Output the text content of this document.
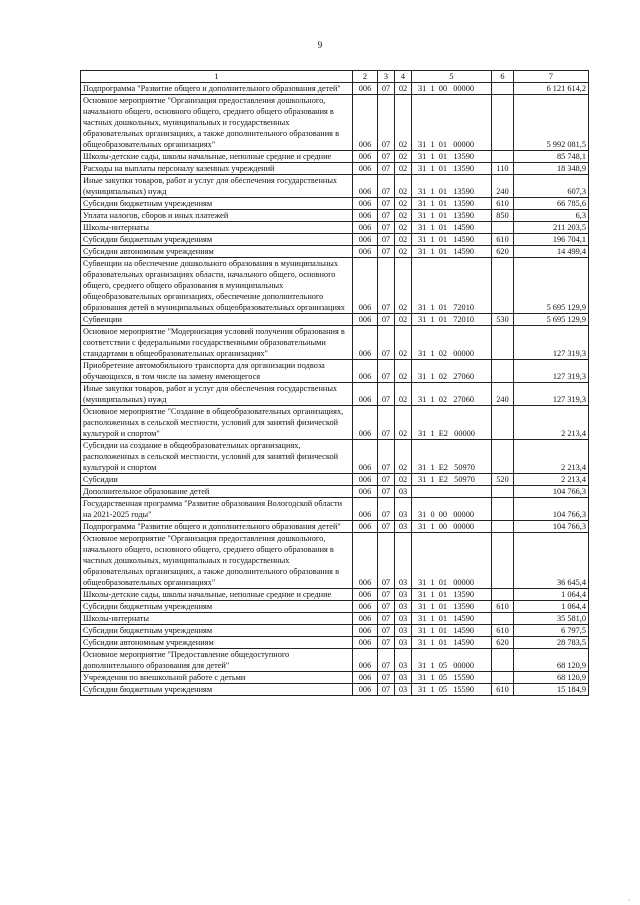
9
1	2	3	4	5	6	7
Подпрограмма "Развитие общего и дополнительного образования детей"	006	07	02	31  1  00   00000		6 121 614,2
Основное мероприятие "Организация предоставления дошкольного, начального общего, основного общего, среднего общего образования в частных дошкольных, муниципальных и государственных образовательных организациях, а также дополнительного образования в общеобразовательных организациях"	006	07	02	31  1  01   00000		5 992 081,5
Школы-детские сады, школы начальные, неполные средние и средние	006	07	02	31  1  01   13590		85 748,1
Расходы на выплаты персоналу казенных учреждений	006	07	02	31  1  01   13590	110	18 348,9
Иные закупки товаров, работ и услуг для обеспечения государственных (муниципальных) нужд	006	07	02	31  1  01   13590	240	607,3
Субсидии бюджетным учреждениям	006	07	02	31  1  01   13590	610	66 785,6
Уплата налогов, сборов и иных платежей	006	07	02	31  1  01   13590	850	6,3
Школы-интернаты	006	07	02	31  1  01   14590		211 203,5
Субсидии бюджетным учреждениям	006	07	02	31  1  01   14590	610	196 704,1
Субсидии автономным учреждениям	006	07	02	31  1  01   14590	620	14 499,4
Субвенции на обеспечение дошкольного образования в муниципальных образовательных организациях области, начального общего, основного общего, среднего общего образования в муниципальных общеобразовательных организациях, обеспечение дополнительного образования детей в муниципальных общеобразовательных организациях	006	07	02	31  1  01   72010		5 695 129,9
Субвенции	006	07	02	31  1  01   72010	530	5 695 129,9
Основное мероприятие "Модернизация условий получения образования в соответствии с федеральными государственными образовательными стандартами в общеобразовательных организациях"	006	07	02	31  1  02   00000		127 319,3
Приобретение автомобильного транспорта для организации подвоза обучающихся, в том числе на замену имеющегося	006	07	02	31  1  02   27060		127 319,3
Иные закупки товаров, работ и услуг для обеспечения государственных (муниципальных) нужд	006	07	02	31  1  02   27060	240	127 319,3
Основное мероприятие "Создание в общеобразовательных организациях, расположенных в сельской местности, условий для занятий физической культурой и спортом"	006	07	02	31  1  E2   00000		2 213,4
Субсидии на создание в общеобразовательных организациях, расположенных в сельской местности, условий для занятий физической культурой и спортом	006	07	02	31  1  E2   50970		2 213,4
Субсидии	006	07	02	31  1  E2   50970	520	2 213,4
Дополнительное образование детей	006	07	03			104 766,3
Государственная программа "Развитие образования Вологодской области на 2021-2025 годы"	006	07	03	31  0  00   00000		104 766,3
Подпрограмма "Развитие общего и дополнительного образования детей"	006	07	03	31  1  00   00000		104 766,3
Основное мероприятие "Организация предоставления дошкольного, начального общего, основного общего, среднего общего образования в частных дошкольных, муниципальных и государственных образовательных организациях, а также дополнительного образования в общеобразовательных организациях"	006	07	03	31  1  01   00000		36 645,4
Школы-детские сады, школы начальные, неполные средние и средние	006	07	03	31  1  01   13590		1 064,4
Субсидии бюджетным учреждениям	006	07	03	31  1  01   13590	610	1 064,4
Школы-интернаты	006	07	03	31  1  01   14590		35 581,0
Субсидии бюджетным учреждениям	006	07	03	31  1  01   14590	610	6 797,5
Субсидии автономным учреждениям	006	07	03	31  1  01   14590	620	28 783,5
Основное мероприятие "Предоставление общедоступного дополнительного образования для детей"	006	07	03	31  1  05   00000		68 120,9
Учреждения по внешкольной работе с детьми	006	07	03	31  1  05   15590		68 120,9
Субсидии бюджетным учреждениям	006	07	03	31  1  05   15590	610	15 184,9
·
